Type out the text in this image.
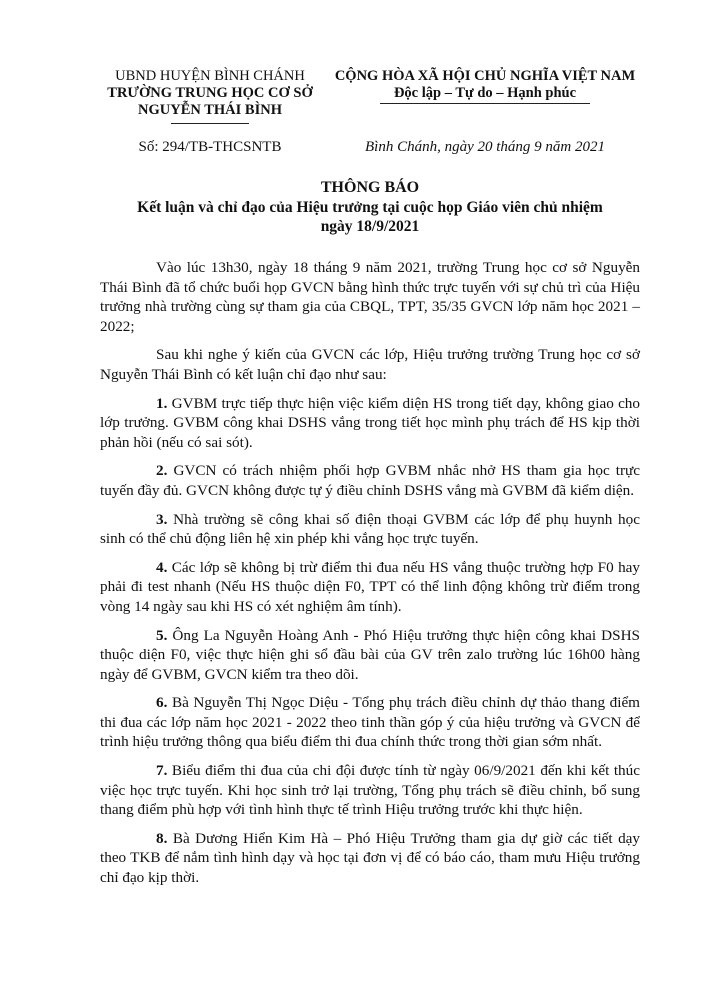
UBND HUYỆN BÌNH CHÁNH
TRƯỜNG TRUNG HỌC CƠ SỞ
NGUYỄN THÁI BÌNH
CỘNG HÒA XÃ HỘI CHỦ NGHĨA VIỆT NAM
Độc lập – Tự do – Hạnh phúc
Số: 294/TB-THCSNTB	Bình Chánh, ngày 20 tháng 9 năm 2021
THÔNG BÁO
Kết luận và chỉ đạo của Hiệu trưởng tại cuộc họp Giáo viên chủ nhiệm
ngày 18/9/2021

Vào lúc 13h30, ngày 18 tháng 9 năm 2021, trường Trung học cơ sở Nguyễn Thái Bình đã tổ chức buổi họp GVCN bằng hình thức trực tuyến với sự chủ trì của Hiệu trưởng nhà trường cùng sự tham gia của CBQL, TPT, 35/35 GVCN lớp năm học 2021 – 2022;

Sau khi nghe ý kiến của GVCN các lớp, Hiệu trưởng trường Trung học cơ sở Nguyễn Thái Bình có kết luận chỉ đạo như sau:

1. GVBM trực tiếp thực hiện việc kiểm diện HS trong tiết dạy, không giao cho lớp trưởng. GVBM công khai DSHS vắng trong tiết học mình phụ trách để HS kịp thời phản hồi (nếu có sai sót).

2. GVCN có trách nhiệm phối hợp GVBM nhắc nhở HS tham gia học trực tuyến đầy đủ. GVCN không được tự ý điều chỉnh DSHS vắng mà GVBM đã kiểm diện.

3. Nhà trường sẽ công khai số điện thoại GVBM các lớp để phụ huynh học sinh có thể chủ động liên hệ xin phép khi vắng học trực tuyến.

4. Các lớp sẽ không bị trừ điểm thi đua nếu HS vắng thuộc trường hợp F0 hay phải đi test nhanh (Nếu HS thuộc diện F0, TPT có thể linh động không trừ điểm trong vòng 14 ngày sau khi HS có xét nghiệm âm tính).

5. Ông La Nguyễn Hoàng Anh - Phó Hiệu trưởng thực hiện công khai DSHS thuộc diện F0, việc thực hiện ghi sổ đầu bài của GV trên zalo trường lúc 16h00 hàng ngày để GVBM, GVCN kiểm tra theo dõi.

6. Bà Nguyễn Thị Ngọc Diệu - Tổng phụ trách điều chỉnh dự thảo thang điểm thi đua các lớp năm học 2021 - 2022 theo tinh thần góp ý của hiệu trưởng và GVCN để trình hiệu trưởng thông qua biểu điểm thi đua chính thức trong thời gian sớm nhất.

7. Biểu điểm thi đua của chi đội được tính từ ngày 06/9/2021 đến khi kết thúc việc học trực tuyến. Khi học sinh trở lại trường, Tổng phụ trách sẽ điều chỉnh, bổ sung thang điểm phù hợp với tình hình thực tế trình Hiệu trưởng trước khi thực hiện.

8. Bà Dương Hiển Kim Hà – Phó Hiệu Trưởng tham gia dự giờ các tiết dạy theo TKB để nắm tình hình dạy và học tại đơn vị để có báo cáo, tham mưu Hiệu trưởng chỉ đạo kịp thời.
